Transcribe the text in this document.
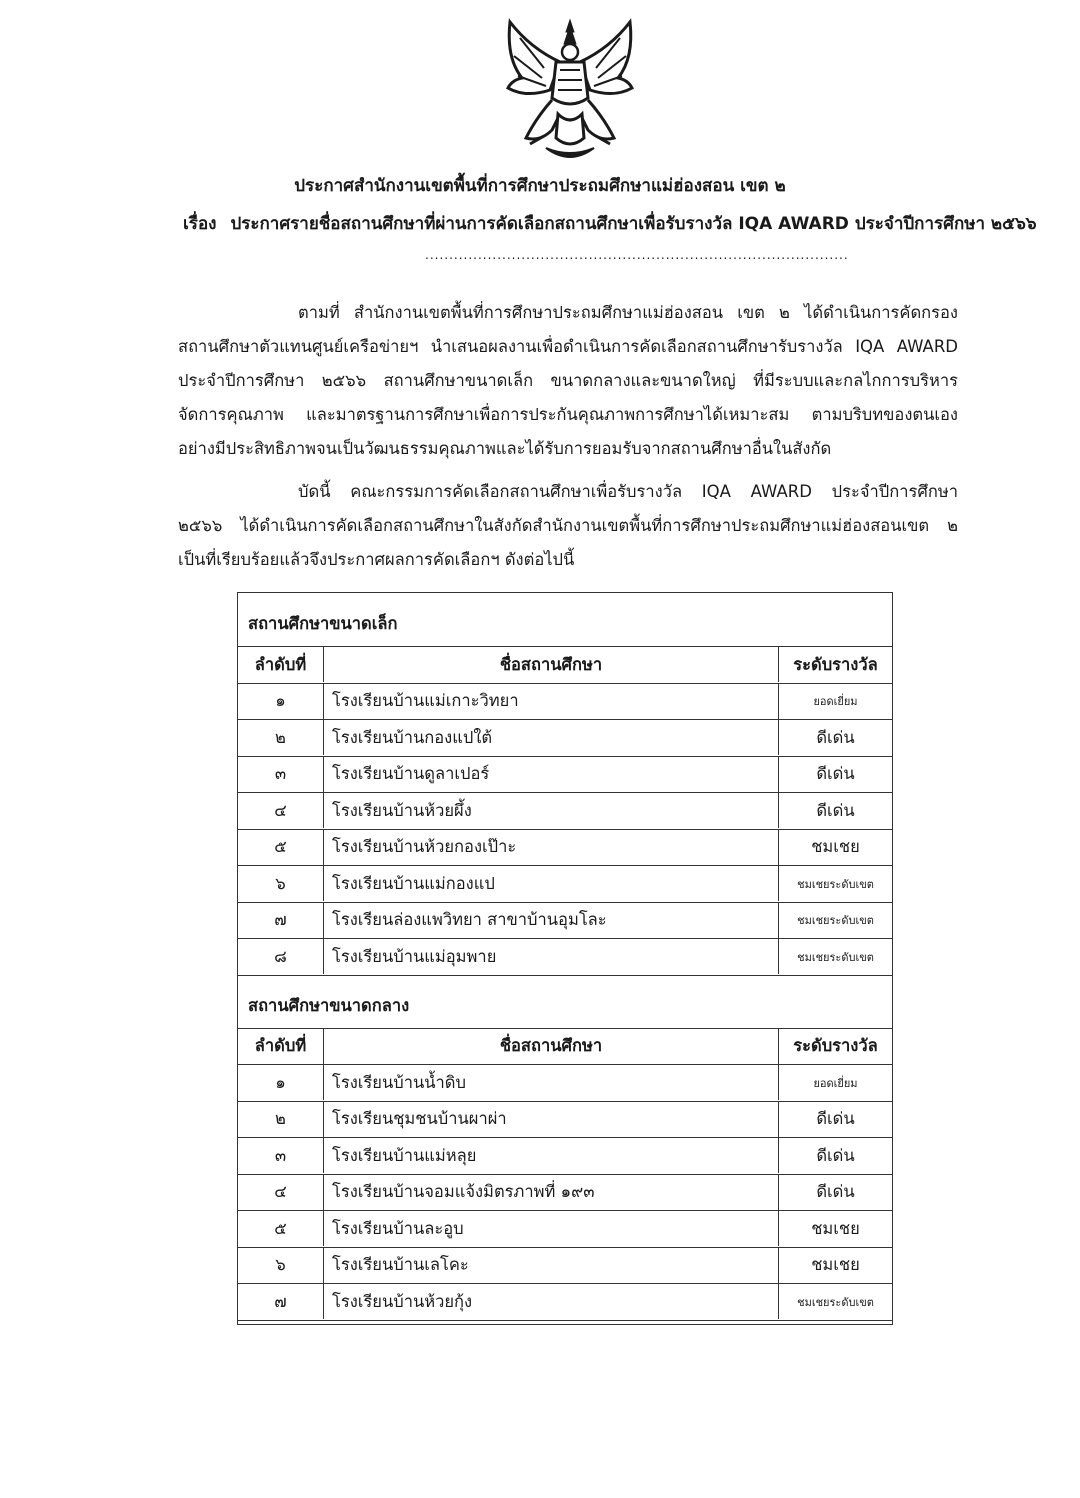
ประกาศสำนักงานเขตพื้นที่การศึกษาประถมศึกษาแม่ฮ่องสอน เขต ๒
เรื่อง ประกาศรายชื่อสถานศึกษาที่ผ่านการคัดเลือกสถานศึกษาเพื่อรับรางวัล IQA AWARD ประจำปีการศึกษา ๒๕๖๖
........................................................................................
ตามที่ สำนักงานเขตพื้นที่การศึกษาประถมศึกษาแม่ฮ่องสอน เขต ๒ ได้ดำเนินการคัดกรอง
สถานศึกษาตัวแทนศูนย์เครือข่ายฯ นำเสนอผลงานเพื่อดำเนินการคัดเลือกสถานศึกษารับรางวัล IQA AWARD
ประจำปีการศึกษา ๒๕๖๖ สถานศึกษาขนาดเล็ก ขนาดกลางและขนาดใหญ่ ที่มีระบบและกลไกการบริหาร
จัดการคุณภาพ และมาตรฐานการศึกษาเพื่อการประกันคุณภาพการศึกษาได้เหมาะสม ตามบริบทของตนเอง
อย่างมีประสิทธิภาพจนเป็นวัฒนธรรมคุณภาพและได้รับการยอมรับจากสถานศึกษาอื่นในสังกัด
บัดนี้ คณะกรรมการคัดเลือกสถานศึกษาเพื่อรับรางวัล IQA AWARD ประจำปีการศึกษา
๒๕๖๖ ได้ดำเนินการคัดเลือกสถานศึกษาในสังกัดสำนักงานเขตพื้นที่การศึกษาประถมศึกษาแม่ฮ่องสอนเขต ๒
เป็นที่เรียบร้อยแล้วจึงประกาศผลการคัดเลือกฯ ดังต่อไปนี้
สถานศึกษาขนาดเล็ก
ลำดับที่	ชื่อสถานศึกษา	ระดับรางวัล
๑	โรงเรียนบ้านแม่เกาะวิทยา	ยอดเยี่ยม
๒	โรงเรียนบ้านกองแปใต้	ดีเด่น
๓	โรงเรียนบ้านดูลาเปอร์	ดีเด่น
๔	โรงเรียนบ้านห้วยผึ้ง	ดีเด่น
๕	โรงเรียนบ้านห้วยกองเป๊าะ	ชมเชย
๖	โรงเรียนบ้านแม่กองแป	ชมเชยระดับเขต
๗	โรงเรียนล่องแพวิทยา สาขาบ้านอุมโละ	ชมเชยระดับเขต
๘	โรงเรียนบ้านแม่อุมพาย	ชมเชยระดับเขต
สถานศึกษาขนาดกลาง
ลำดับที่	ชื่อสถานศึกษา	ระดับรางวัล
๑	โรงเรียนบ้านน้ำดิบ	ยอดเยี่ยม
๒	โรงเรียนชุมชนบ้านผาผ่า	ดีเด่น
๓	โรงเรียนบ้านแม่หลุย	ดีเด่น
๔	โรงเรียนบ้านจอมแจ้งมิตรภาพที่ ๑๙๓	ดีเด่น
๕	โรงเรียนบ้านละอูบ	ชมเชย
๖	โรงเรียนบ้านเลโคะ	ชมเชย
๗	โรงเรียนบ้านห้วยกุ้ง	ชมเชยระดับเขต
